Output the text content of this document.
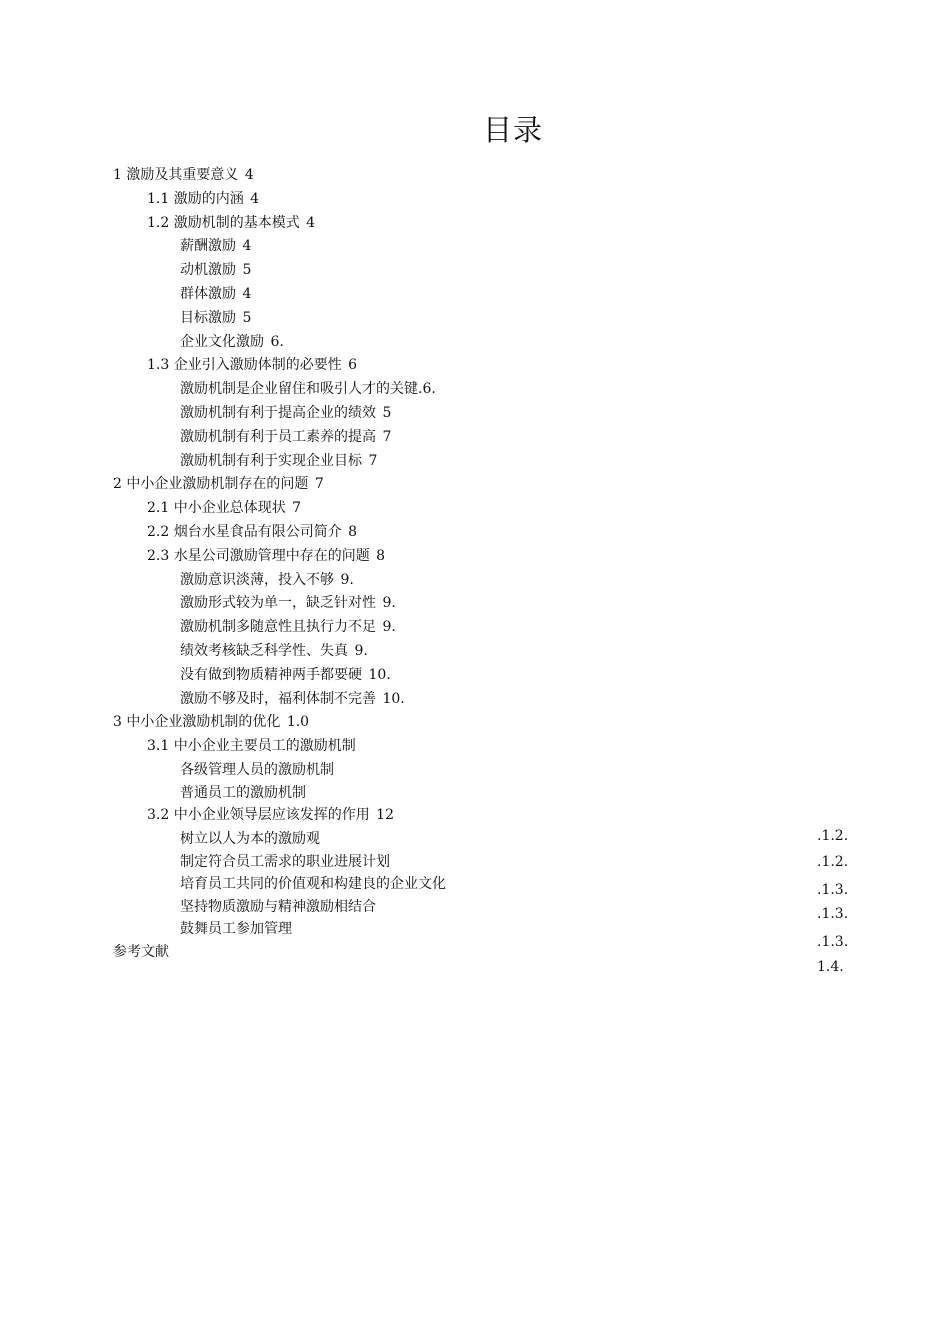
目录
1 激励及其重要意义 4
1.1 激励的内涵 4
1.2 激励机制的基本模式 4
薪酬激励 4
动机激励 5
群体激励 4
目标激励 5
企业文化激励 6.
1.3 企业引入激励体制的必要性 6
激励机制是企业留住和吸引人才的关键.6.
激励机制有利于提高企业的绩效 5
激励机制有利于员工素养的提高 7
激励机制有利于实现企业目标 7
2 中小企业激励机制存在的问题 7
2.1 中小企业总体现状 7
2.2 烟台水星食品有限公司简介 8
2.3 水星公司激励管理中存在的问题 8
激励意识淡薄，投入不够 9.
激励形式较为单一，缺乏针对性 9.
激励机制多随意性且执行力不足 9.
绩效考核缺乏科学性、失真 9.
没有做到物质精神两手都要硬 10.
激励不够及时，福利体制不完善 10.
3 中小企业激励机制的优化 1.0
3.1 中小企业主要员工的激励机制
各级管理人员的激励机制
普通员工的激励机制
3.2 中小企业领导层应该发挥的作用 12
树立以人为本的激励观
制定符合员工需求的职业进展计划
培育员工共同的价值观和构建良的企业文化
坚持物质激励与精神激励相结合
鼓舞员工参加管理
参考文献
.1.2.
.1.2.
.1.3.
.1.3.
.1.3.
1.4.
